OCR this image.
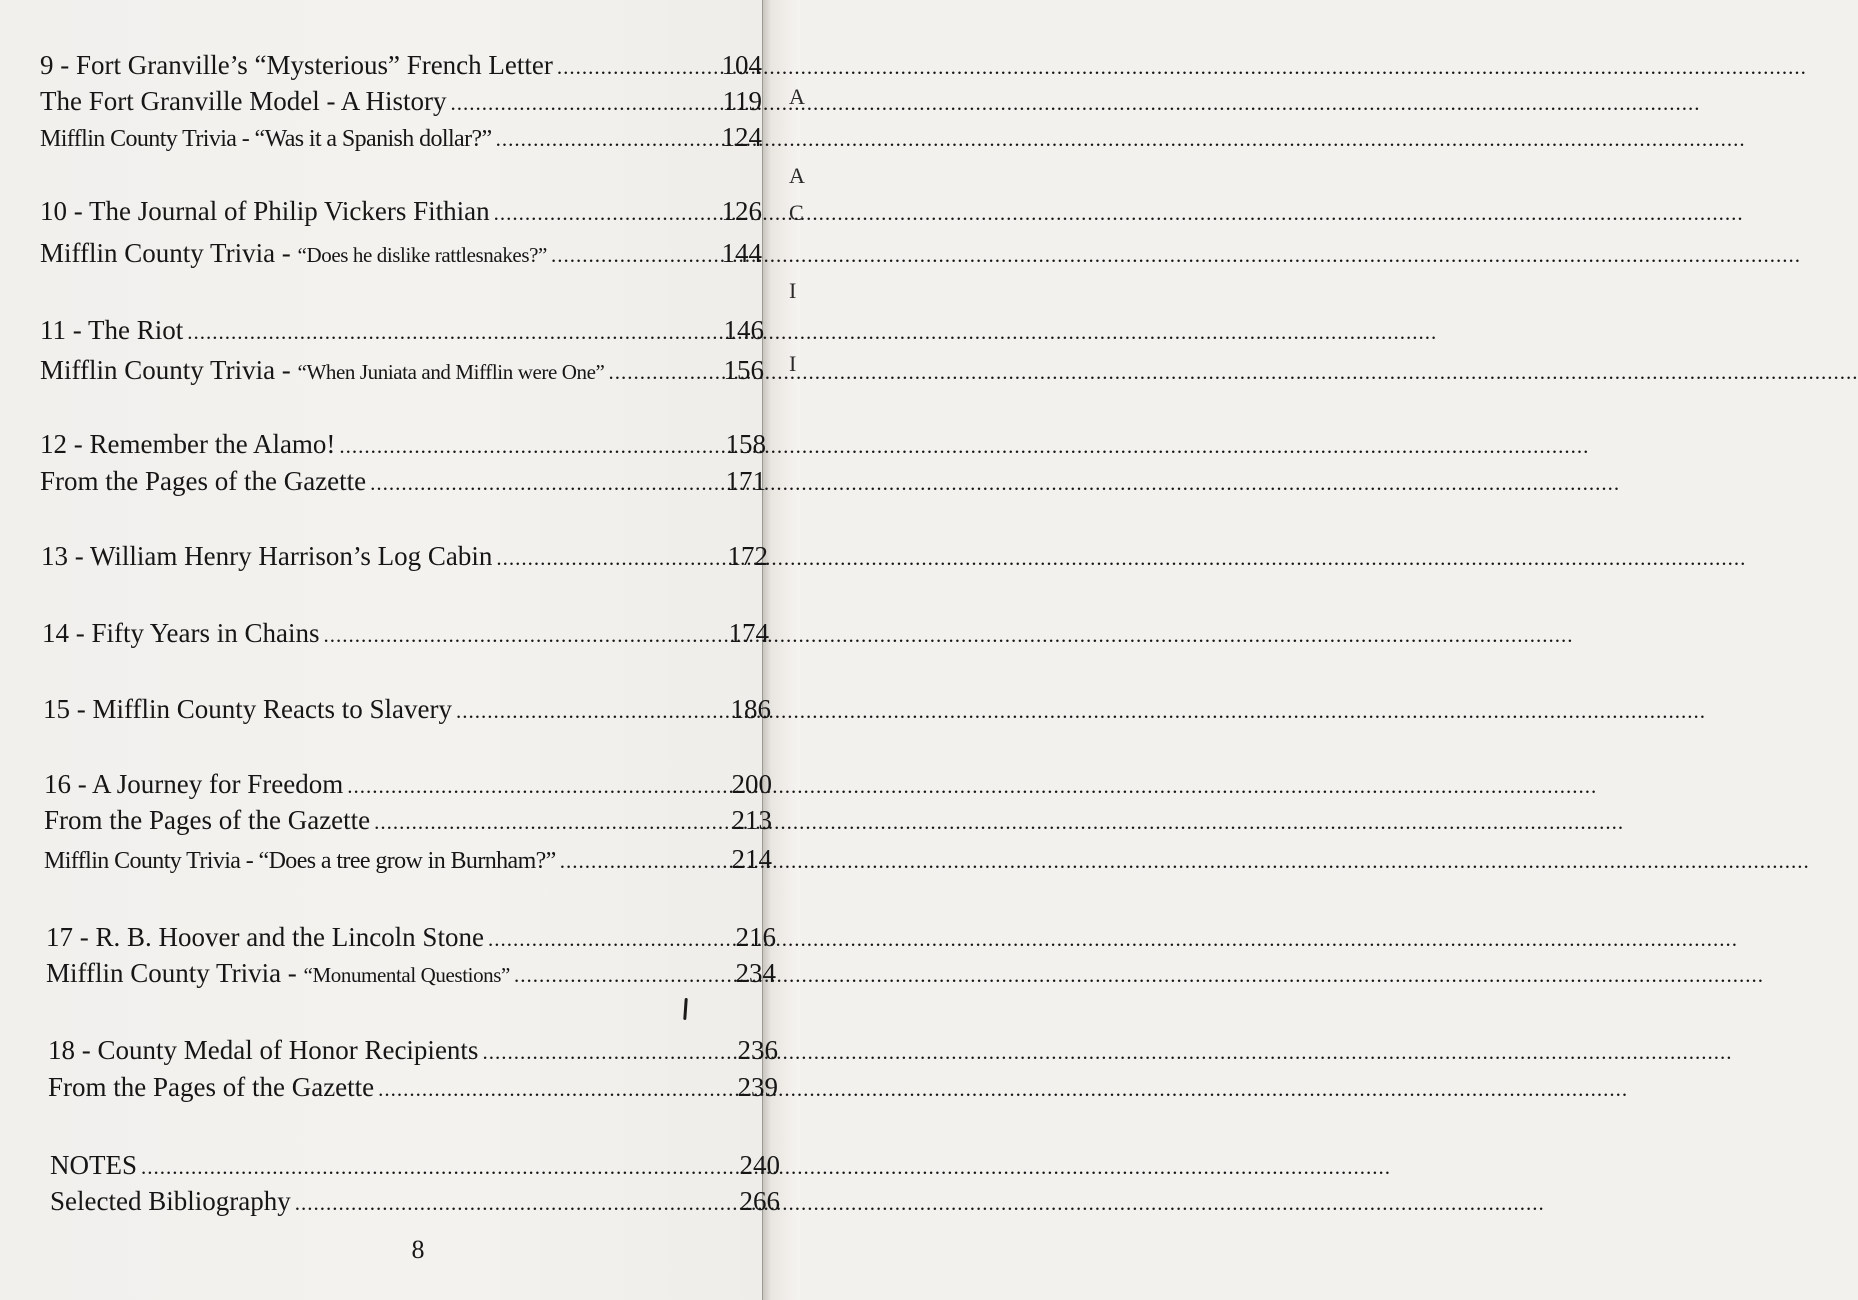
A
A
C
I
I
9 - Fort Granville’s “Mysterious” French Letter .....	104
The Fort Granville Model - A History .....	119
Mifflin County Trivia - “Was it a Spanish dollar?” .....	124
10 - The Journal of Philip Vickers Fithian .....	126
Mifflin County Trivia - “Does he dislike rattlesnakes?” .....	144
11 - The Riot .....	146
Mifflin County Trivia - “When Juniata and Mifflin were One” .....	156
12 - Remember the Alamo! .....	158
From the Pages of the Gazette .....	171
13 - William Henry Harrison’s Log Cabin .....	172
14 - Fifty Years in Chains .....	174
15 - Mifflin County Reacts to Slavery .....	186
16 - A Journey for Freedom .....	200
From the Pages of the Gazette .....	213
Mifflin County Trivia - “Does a tree grow in Burnham?” .....	214
17 - R. B. Hoover and the Lincoln Stone .....	216
Mifflin County Trivia - “Monumental Questions” .....	234
18 - County Medal of Honor Recipients .....	236
From the Pages of the Gazette .....	239
NOTES .....	240
Selected Bibliography .....	266
8
